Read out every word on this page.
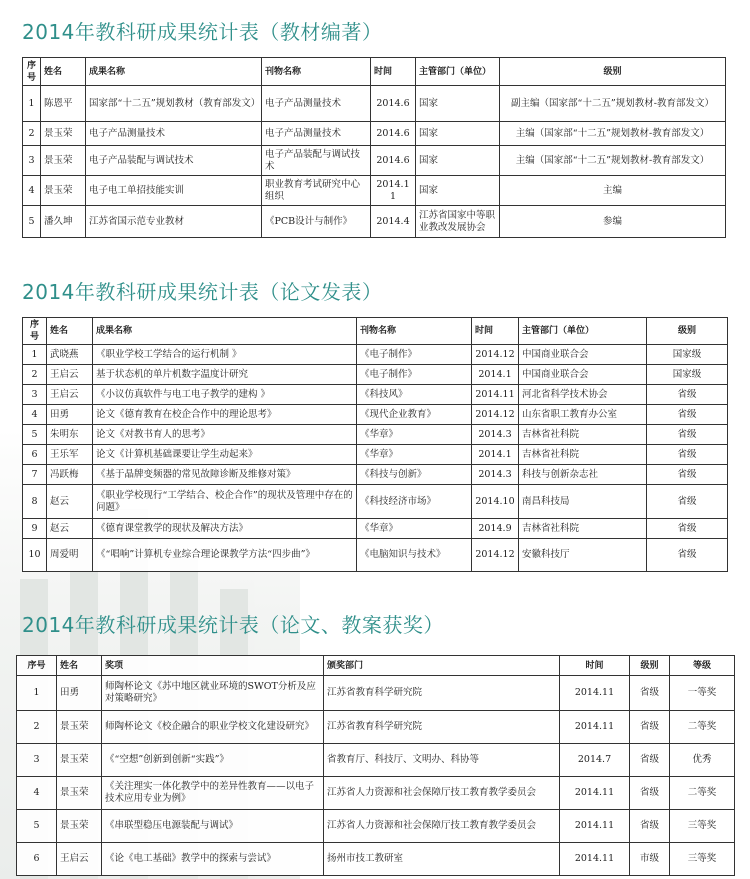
2014年教科研成果统计表（教材编著）
序号	姓名	成果名称	刊物名称	时间	主管部门（单位）	级别
1	陈恩平	国家部“十二五”规划教材（教育部发文）	电子产品测量技术	2014.6	国家	副主编（国家部“十二五”规划教材-教育部发文）
2	景玉荣	电子产品测量技术	电子产品测量技术	2014.6	国家	主编（国家部“十二五”规划教材-教育部发文）
3	景玉荣	电子产品装配与调试技术	电子产品装配与调试技术	2014.6	国家	主编（国家部“十二五”规划教材-教育部发文）
4	景玉荣	电子电工单招技能实训	职业教育考试研究中心组织	2014.11	国家	主编
5	潘久坤	江苏省国示范专业教材	《PCB设计与制作》	2014.4	江苏省国家中等职业教改发展协会	参编
2014年教科研成果统计表（论文发表）
序号	姓名	成果名称	刊物名称	时间	主管部门（单位）	级别
1	武晓燕	《职业学校工学结合的运行机制 》	《电子制作》	2014.12	中国商业联合会	国家级
2	王启云	基于状态机的单片机数字温度计研究	《电子制作》	2014.1	中国商业联合会	国家级
3	王启云	《小议仿真软件与电工电子教学的建构 》	《科技风》	2014.11	河北省科学技术协会	省级
4	田勇	论文《德育教育在校企合作中的理论思考》	《现代企业教育》	2014.12	山东省职工教育办公室	省级
5	朱明东	论文《对教书育人的思考》	《华章》	2014.3	吉林省社科院	省级
6	王乐军	论文《计算机基础课要让学生动起来》	《华章》	2014.1	吉林省社科院	省级
7	冯跃梅	《基于晶牌变频器的常见故障诊断及维修对策》	《科技与创新》	2014.3	科技与创新杂志社	省级
8	赵云	《职业学校现行“工学结合、校企合作”的现状及管理中存在的问题》	《科技经济市场》	2014.10	南昌科技局	省级
9	赵云	《德育课堂教学的现状及解决方法》	《华章》	2014.9	吉林省社科院	省级
10	周爱明	《“唱响”计算机专业综合理论课教学方法“四步曲”》	《电脑知识与技术》	2014.12	安徽科技厅	省级
2014年教科研成果统计表（论文、教案获奖）
序号	姓名	奖项	颁奖部门	时间	级别	等级
1	田勇	师陶杯论文《苏中地区就业环境的SWOT分析及应对策略研究》	江苏省教育科学研究院	2014.11	省级	一等奖
2	景玉荣	师陶杯论文《校企融合的职业学校文化建设研究》	江苏省教育科学研究院	2014.11	省级	二等奖
3	景玉荣	《“空想”创新到创新“实践”》	省教育厅、科技厅、文明办、科协等	2014.7	省级	优秀
4	景玉荣	《关注理实一体化教学中的差异性教育——以电子技术应用专业为例》	江苏省人力资源和社会保障厅技工教育教学委员会	2014.11	省级	二等奖
5	景玉荣	《串联型稳压电源装配与调试》	江苏省人力资源和社会保障厅技工教育教学委员会	2014.11	省级	三等奖
6	王启云	《论《电工基础》教学中的探索与尝试》	扬州市技工教研室	2014.11	市级	三等奖
